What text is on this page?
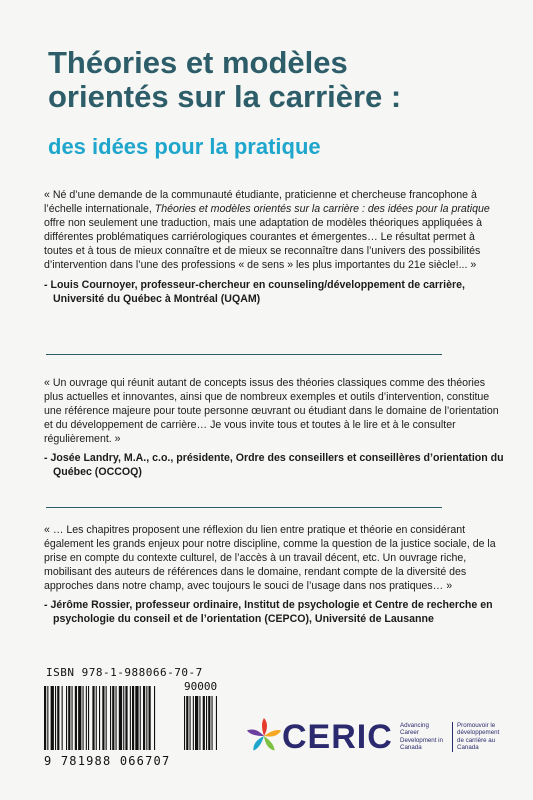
Théories et modèles
orientés sur la carrière :
des idées pour la pratique

« Né d’une demande de la communauté étudiante, praticienne et chercheuse francophone à l’échelle internationale, Théories et modèles orientés sur la carrière : des idées pour la pratique offre non seulement une traduction, mais une adaptation de modèles théoriques appliquées à différentes problématiques carriérologiques courantes et émergentes… Le résultat permet à toutes et à tous de mieux connaître et de mieux se reconnaître dans l’univers des possibilités d’intervention dans l’une des professions « de sens » les plus importantes du 21e siècle!... »

- Louis Cournoyer, professeur-chercheur en counseling/développement de carrière, Université du Québec à Montréal (UQAM)

« Un ouvrage qui réunit autant de concepts issus des théories classiques comme des théories plus actuelles et innovantes, ainsi que de nombreux exemples et outils d’intervention, constitue une référence majeure pour toute personne œuvrant ou étudiant dans le domaine de l’orientation et du développement de carrière… Je vous invite tous et toutes à le lire et à le consulter régulièrement. »

- Josée Landry, M.A., c.o., présidente, Ordre des conseillers et conseillères d’orientation du Québec (OCCOQ)

« … Les chapitres proposent une réflexion du lien entre pratique et théorie en considérant également les grands enjeux pour notre discipline, comme la question de la justice sociale, de la prise en compte du contexte culturel, de l’accès à un travail décent, etc. Un ouvrage riche, mobilisant des auteurs de références dans le domaine, rendant compte de la diversité des approches dans notre champ, avec toujours le souci de l’usage dans nos pratiques… »

- Jérôme Rossier, professeur ordinaire, Institut de psychologie et Centre de recherche en psychologie du conseil et de l’orientation (CEPCO), Université de Lausanne

ISBN 978-1-988066-70-7
90000
9 781988 066707
CERIC Advancing Career Development in Canada
Promouvoir le développement de carrière au Canada
